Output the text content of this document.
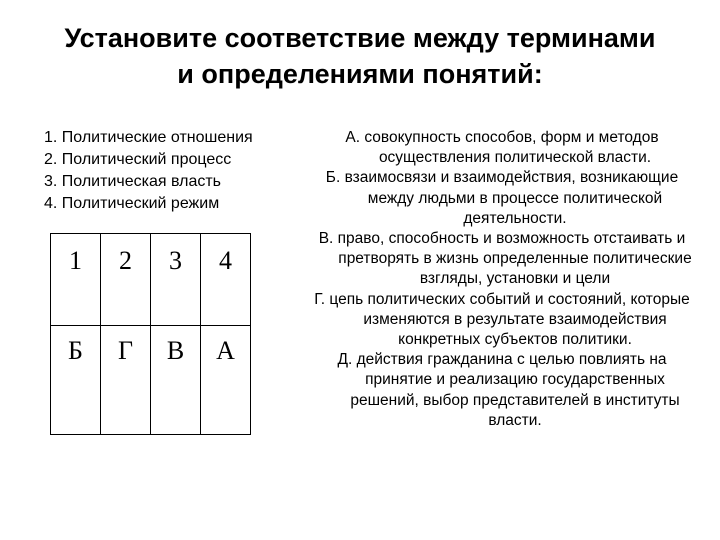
Установите соответствие между терминами
и определениями понятий:
1. Политические отношения
2. Политический процесс
3. Политическая власть
4. Политический режим
1	2	3	4
Б	Г	В	А
А. совокупность способов, форм и методов осуществления политической власти.
Б. взаимосвязи и взаимодействия, возникающие между людьми в процессе политической деятельности.
В. право, способность и возможность отстаивать и претворять в жизнь определенные политические взгляды, установки и цели
Г. цепь политических событий и состояний, которые изменяются в результате взаимодействия конкретных субъектов политики.
Д. действия гражданина с целью повлиять на принятие и реализацию государственных решений, выбор представителей в институты власти.
